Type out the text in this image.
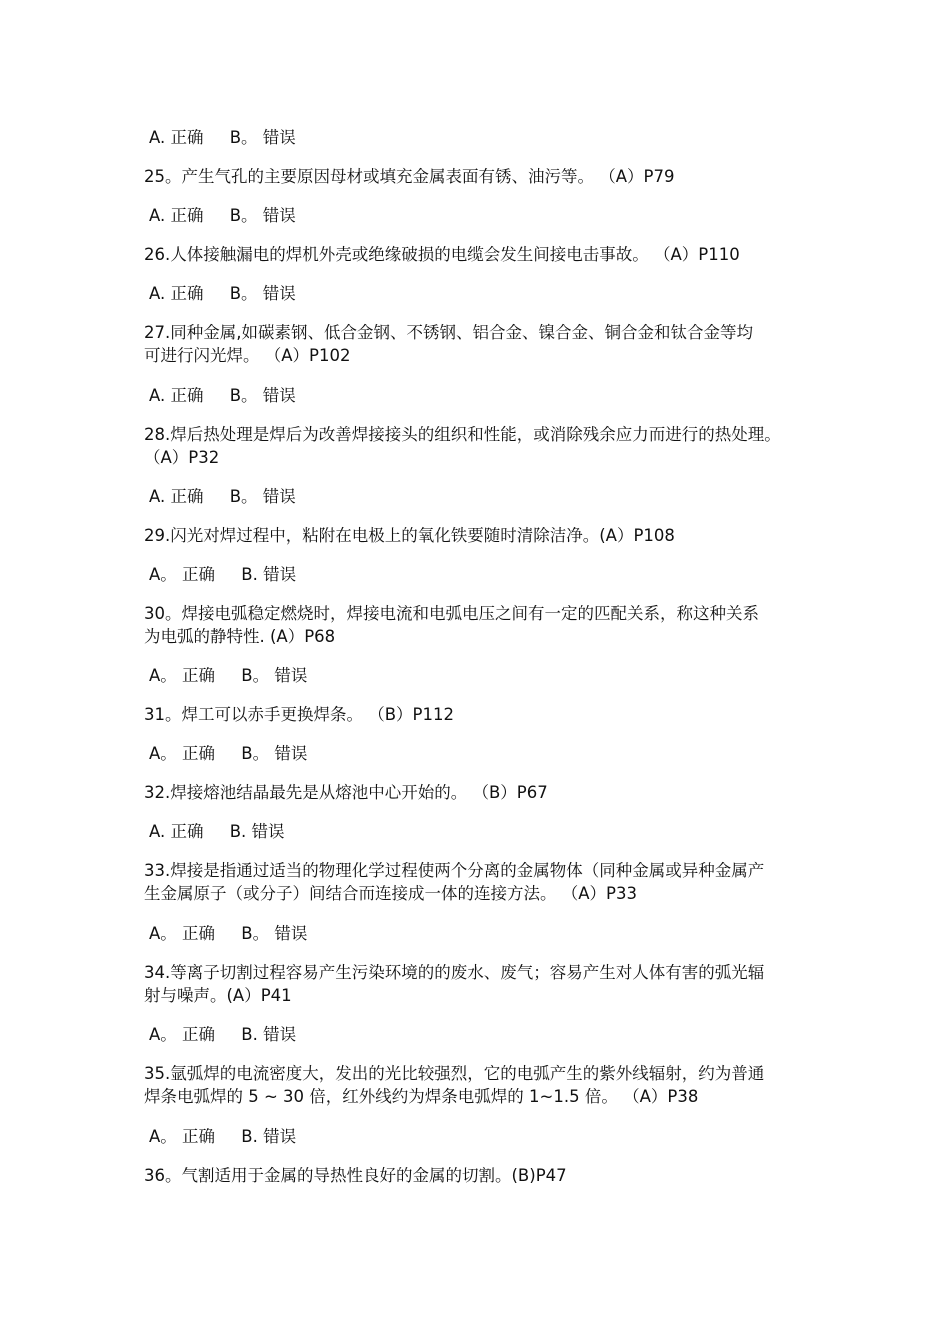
A. 正确     B。 错误
25。产生气孔的主要原因母材或填充金属表面有锈、油污等。 （A）P79
A. 正确     B。 错误
26.人体接触漏电的焊机外壳或绝缘破损的电缆会发生间接电击事故。 （A）P110
A. 正确     B。 错误
27.同种金属,如碳素钢、低合金钢、不锈钢、铝合金、镍合金、铜合金和钛合金等均
可进行闪光焊。 （A）P102
A. 正确     B。 错误
28.焊后热处理是焊后为改善焊接接头的组织和性能，或消除残余应力而进行的热处理。
（A）P32
A. 正确     B。 错误
29.闪光对焊过程中，粘附在电极上的氧化铁要随时清除洁净。(A）P108
A。 正确     B. 错误
30。焊接电弧稳定燃烧时，焊接电流和电弧电压之间有一定的匹配关系，称这种关系
为电弧的静特性. (A）P68
A。 正确     B。 错误
31。焊工可以赤手更换焊条。 （B）P112
A。 正确     B。 错误
32.焊接熔池结晶最先是从熔池中心开始的。 （B）P67
A. 正确     B. 错误
33.焊接是指通过适当的物理化学过程使两个分离的金属物体（同种金属或异种金属产
生金属原子（或分子）间结合而连接成一体的连接方法。 （A）P33
A。 正确     B。 错误
34.等离子切割过程容易产生污染环境的的废水、废气；容易产生对人体有害的弧光辐
射与噪声。(A）P41
A。 正确     B. 错误
35.氩弧焊的电流密度大，发出的光比较强烈，它的电弧产生的紫外线辐射，约为普通
焊条电弧焊的 5 ~ 30 倍，红外线约为焊条电弧焊的 1~1.5 倍。 （A）P38
A。 正确     B. 错误
36。气割适用于金属的导热性良好的金属的切割。(B)P47
